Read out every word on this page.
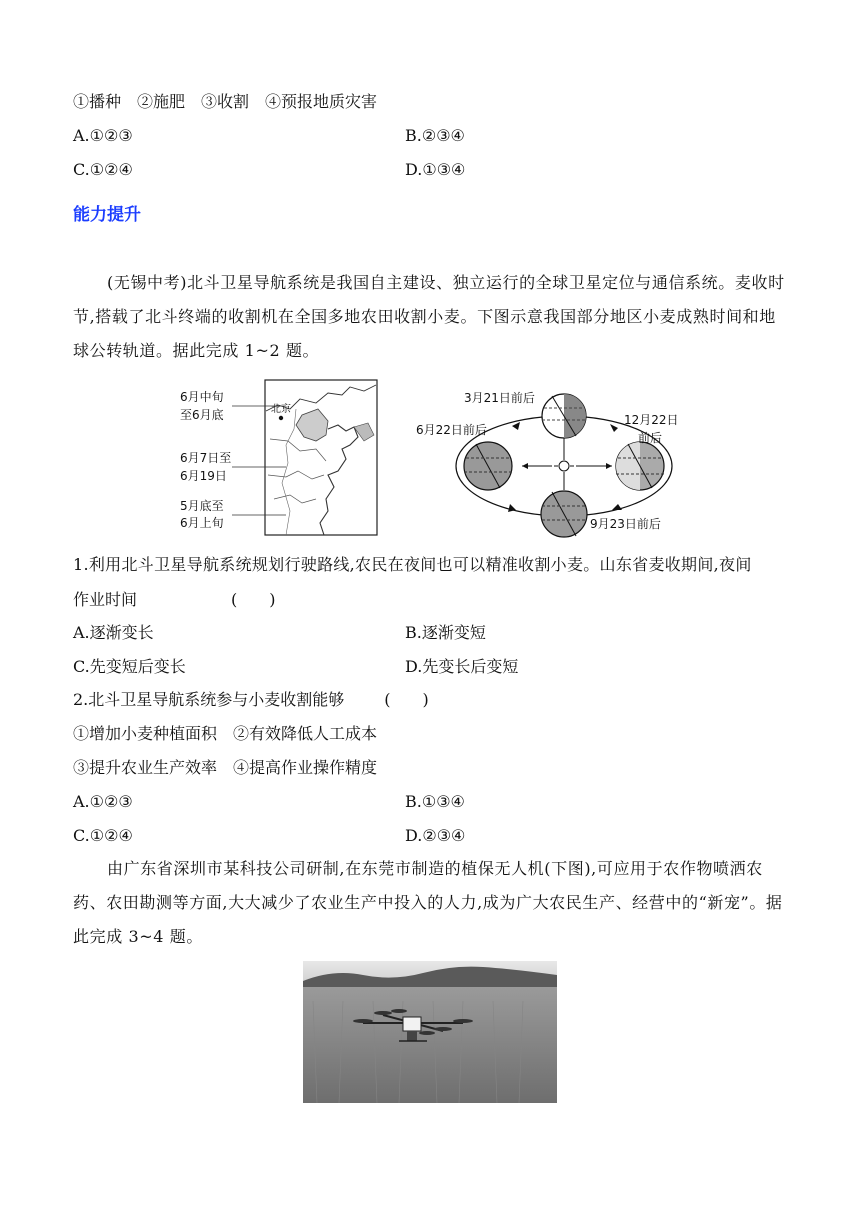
①播种　②施肥　③收割　④预报地质灾害
A.①②③	B.②③④
C.①②④	D.①③④
能力提升
(无锡中考)北斗卫星导航系统是我国自主建设、独立运行的全球卫星定位与通信系统。麦收时节,搭载了北斗终端的收割机在全国多地农田收割小麦。下图示意我国部分地区小麦成熟时间和地球公转轨道。据此完成 1~2 题。
北京
6月中旬
至6月底
6月7日至
6月19日
5月底至
6月上旬
3月21日前后
6月22日前后
12月22日
前后
9月23日前后
1.利用北斗卫星导航系统规划行驶路线,农民在夜间也可以精准收割小麦。山东省麦收期间,夜间
作业时间	(　　)
A.逐渐变长	B.逐渐变短
C.先变短后变长	D.先变长后变短
2.北斗卫星导航系统参与小麦收割能够	(　　)
①增加小麦种植面积　②有效降低人工成本
③提升农业生产效率　④提高作业操作精度
A.①②③	B.①③④
C.①②④	D.②③④
由广东省深圳市某科技公司研制,在东莞市制造的植保无人机(下图),可应用于农作物喷洒农药、农田勘测等方面,大大减少了农业生产中投入的人力,成为广大农民生产、经营中的“新宠”。据此完成 3~4 题。
